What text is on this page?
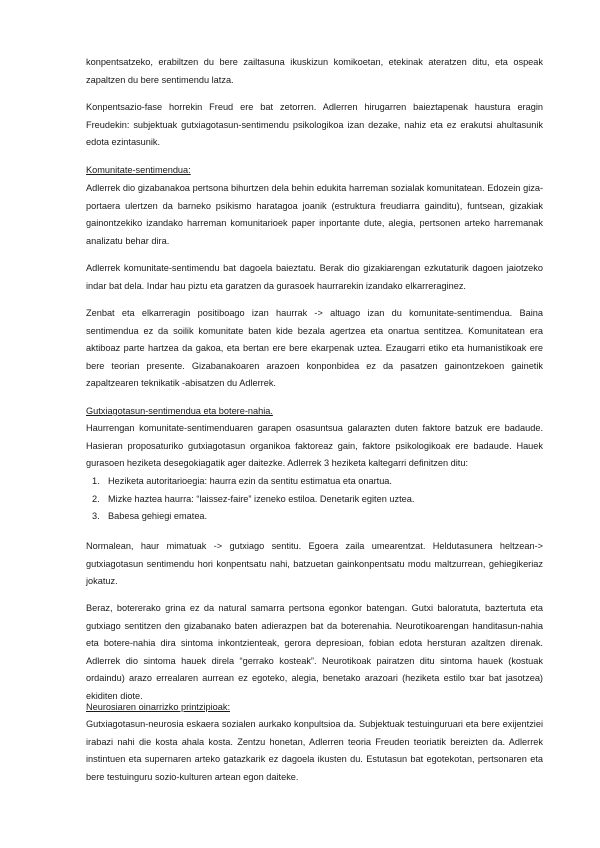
konpentsatzeko, erabiltzen du bere zailtasuna ikuskizun komikoetan, etekinak ateratzen ditu, eta ospeak zapaltzen du bere sentimendu latza.

Konpentsazio-fase horrekin Freud ere bat zetorren. Adlerren hirugarren baieztapenak haustura eragin Freudekin: subjektuak gutxiagotasun-sentimendu psikologikoa izan dezake, nahiz eta ez erakutsi ahultasunik edota ezintasunik.

Komunitate-sentimendua:

Adlerrek dio gizabanakoa pertsona bihurtzen dela behin edukita harreman sozialak komunitatean. Edozein giza-portaera ulertzen da barneko psikismo haratagoa joanik (estruktura freudiarra gainditu), funtsean, gizakiak gainontzekiko izandako harreman komunitarioek paper inportante dute, alegia, pertsonen arteko harremanak analizatu behar dira.

Adlerrek komunitate-sentimendu bat dagoela baieztatu. Berak dio gizakiarengan ezkutaturik dagoen jaiotzeko indar bat dela. Indar hau piztu eta garatzen da gurasoek haurrarekin izandako elkarreraginez.

Zenbat eta elkarreragin positiboago izan haurrak -> altuago izan du komunitate-sentimendua. Baina sentimendua ez da soilik komunitate baten kide bezala agertzea eta onartua sentitzea. Komunitatean era aktiboaz parte hartzea da gakoa, eta bertan ere bere ekarpenak uztea. Ezaugarri etiko eta humanistikoak ere bere teorian presente. Gizabanakoaren arazoen konponbidea ez da pasatzen gainontzekoen gainetik zapaltzearen teknikatik -abisatzen du Adlerrek.

Gutxiagotasun-sentimendua eta botere-nahia.

Haurrengan komunitate-sentimenduaren garapen osasuntsua galarazten duten faktore batzuk ere badaude. Hasieran proposaturiko gutxiagotasun organikoa faktoreaz gain, faktore psikologikoak ere badaude. Hauek gurasoen heziketa desegokiagatik ager daitezke. Adlerrek 3 heziketa kaltegarri definitzen ditu:

1. Heziketa autoritarioegia: haurra ezin da sentitu estimatua eta onartua.
2. Mizke haztea haurra: “laissez-faire” izeneko estiloa. Denetarik egiten uztea.
3. Babesa gehiegi ematea.

Normalean, haur mimatuak -> gutxiago sentitu. Egoera zaila umearentzat. Heldutasunera heltzean-> gutxiagotasun sentimendu hori konpentsatu nahi, batzuetan gainkonpentsatu modu maltzurrean, gehiegikeriaz jokatuz.

Beraz, botererako grina ez da natural samarra pertsona egonkor batengan. Gutxi baloratuta, baztertuta eta gutxiago sentitzen den gizabanako baten adierazpen bat da boterenahia. Neurotikoarengan handitasun-nahia eta botere-nahia dira sintoma inkontzienteak, gerora depresioan, fobian edota hersturan azaltzen direnak. Adlerrek dio sintoma hauek direla “gerrako kosteak”. Neurotikoak pairatzen ditu sintoma hauek (kostuak ordaindu) arazo errealaren aurrean ez egoteko, alegia, benetako arazoari (heziketa estilo txar bat jasotzea) ekiditen diote.

Neurosiaren oinarrizko printzipioak:

Gutxiagotasun-neurosia eskaera sozialen aurkako konpultsioa da. Subjektuak testuinguruari eta bere exijentziei irabazi nahi die kosta ahala kosta. Zentzu honetan, Adlerren teoria Freuden teoriatik bereizten da. Adlerrek instintuen eta supernaren arteko gatazkarik ez dagoela ikusten du. Estutasun bat egotekotan, pertsonaren eta bere testuinguru sozio-kulturen artean egon daiteke.
